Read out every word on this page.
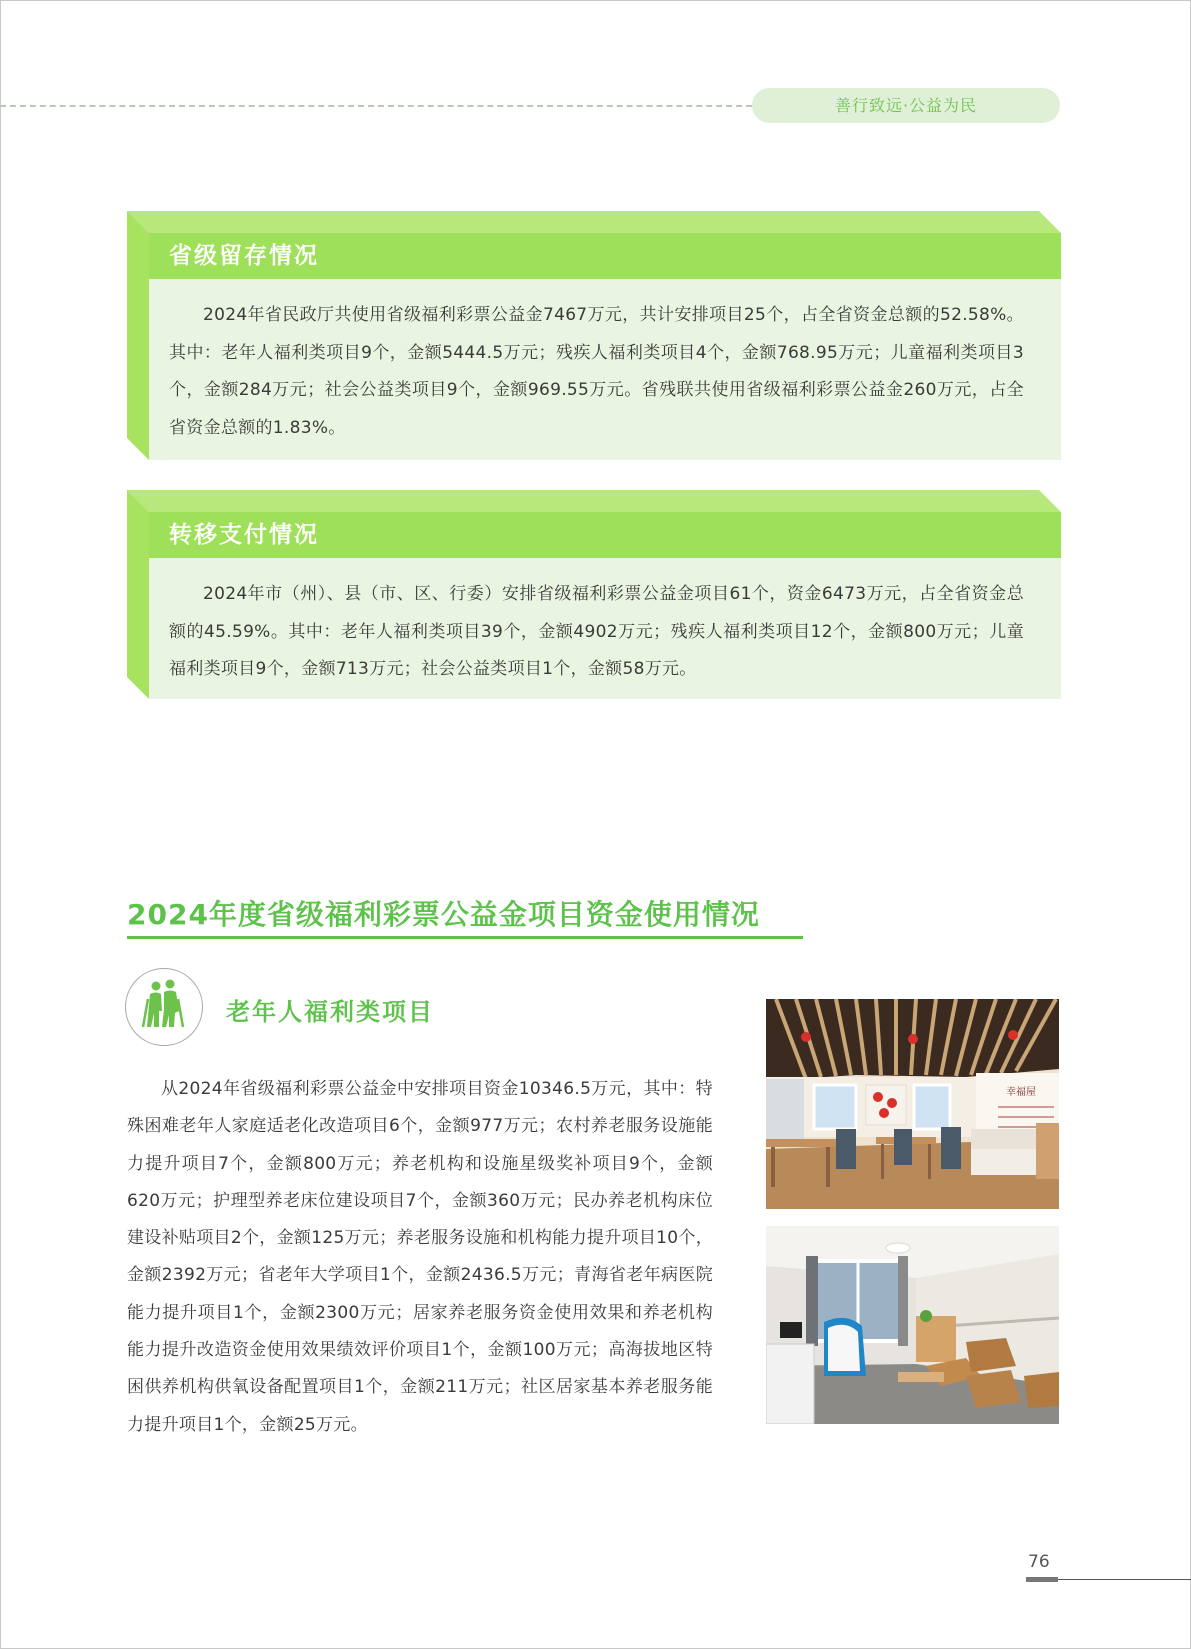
善行致远·公益为民
省级留存情况
2024年省民政厅共使用省级福利彩票公益金7467万元，共计安排项目25个，占全省资金总额的52.58%。其中：老年人福利类项目9个，金额5444.5万元；残疾人福利类项目4个，金额768.95万元；儿童福利类项目3个，金额284万元；社会公益类项目9个，金额969.55万元。省残联共使用省级福利彩票公益金260万元，占全省资金总额的1.83%。
转移支付情况
2024年市（州）、县（市、区、行委）安排省级福利彩票公益金项目61个，资金6473万元，占全省资金总额的45.59%。其中：老年人福利类项目39个，金额4902万元；残疾人福利类项目12个，金额800万元；儿童福利类项目9个，金额713万元；社会公益类项目1个，金额58万元。
2024年度省级福利彩票公益金项目资金使用情况
老年人福利类项目
从2024年省级福利彩票公益金中安排项目资金10346.5万元，其中：特殊困难老年人家庭适老化改造项目6个，金额977万元；农村养老服务设施能力提升项目7个，金额800万元；养老机构和设施星级奖补项目9个，金额620万元；护理型养老床位建设项目7个，金额360万元；民办养老机构床位建设补贴项目2个，金额125万元；养老服务设施和机构能力提升项目10个，金额2392万元；省老年大学项目1个，金额2436.5万元；青海省老年病医院能力提升项目1个，金额2300万元；居家养老服务资金使用效果和养老机构能力提升改造资金使用效果绩效评价项目1个，金额100万元；高海拔地区特困供养机构供氧设备配置项目1个，金额211万元；社区居家基本养老服务能力提升项目1个，金额25万元。
幸福屋
76
